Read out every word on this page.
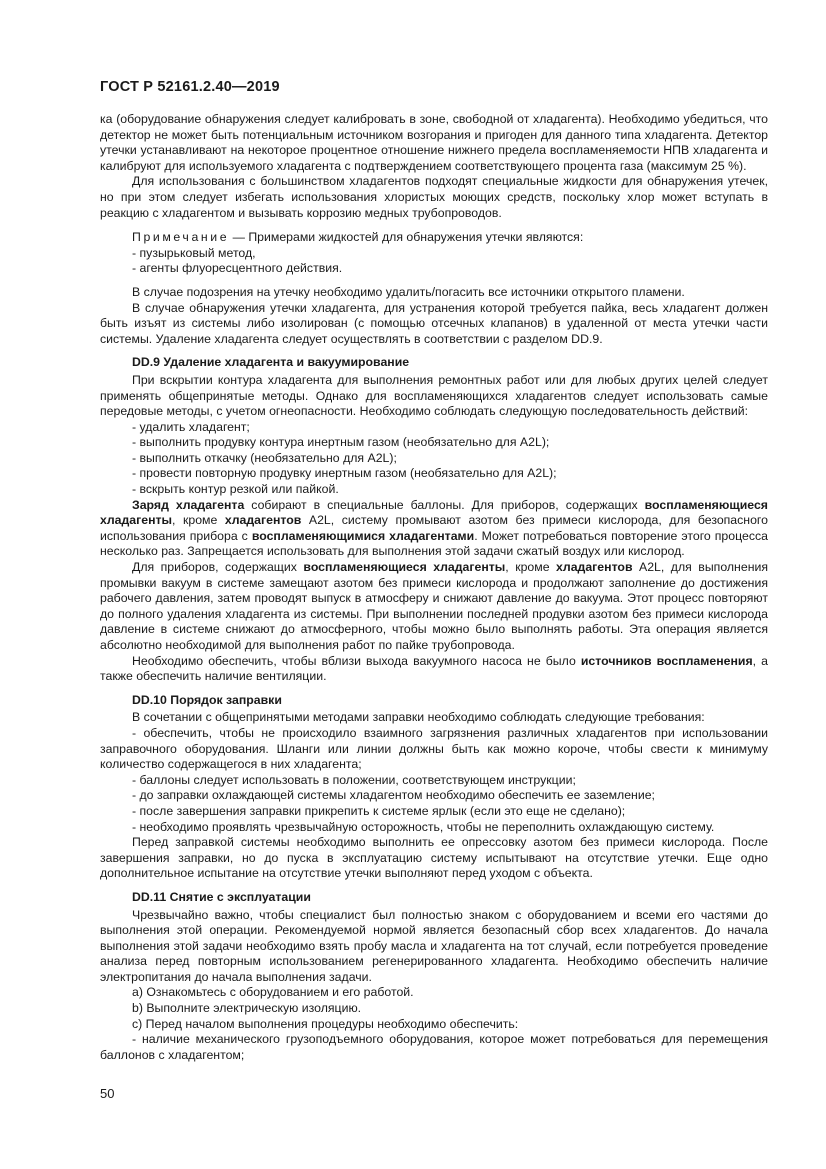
ГОСТ Р 52161.2.40—2019

ка (оборудование обнаружения следует калибровать в зоне, свободной от хладагента). Необходимо убедиться, что детектор не может быть потенциальным источником возгорания и пригоден для данного типа хладагента. Детектор утечки устанавливают на некоторое процентное отношение нижнего предела воспламеняемости НПВ хладагента и калибруют для используемого хладагента с подтверждением соответствующего процента газа (максимум 25 %).

Для использования с большинством хладагентов подходят специальные жидкости для обнаружения утечек, но при этом следует избегать использования хлористых моющих средств, поскольку хлор может вступать в реакцию с хладагентом и вызывать коррозию медных трубопроводов.

Примечание — Примерами жидкостей для обнаружения утечки являются:

- пузырьковый метод,

- агенты флуоресцентного действия.

В случае подозрения на утечку необходимо удалить/погасить все источники открытого пламени.

В случае обнаружения утечки хладагента, для устранения которой требуется пайка, весь хладагент должен быть изъят из системы либо изолирован (с помощью отсечных клапанов) в удаленной от места утечки части системы. Удаление хладагента следует осуществлять в соответствии с разделом DD.9.

DD.9 Удаление хладагента и вакуумирование

При вскрытии контура хладагента для выполнения ремонтных работ или для любых других целей следует применять общепринятые методы. Однако для воспламеняющихся хладагентов следует использовать самые передовые методы, с учетом огнеопасности. Необходимо соблюдать следующую последовательность действий:

- удалить хладагент;

- выполнить продувку контура инертным газом (необязательно для A2L);

- выполнить откачку (необязательно для A2L);

- провести повторную продувку инертным газом (необязательно для A2L);

- вскрыть контур резкой или пайкой.

Заряд хладагента собирают в специальные баллоны. Для приборов, содержащих воспламеняющиеся хладагенты, кроме хладагентов A2L, систему промывают азотом без примеси кислорода, для безопасного использования прибора с воспламеняющимися хладагентами. Может потребоваться повторение этого процесса несколько раз. Запрещается использовать для выполнения этой задачи сжатый воздух или кислород.

Для приборов, содержащих воспламеняющиеся хладагенты, кроме хладагентов A2L, для выполнения промывки вакуум в системе замещают азотом без примеси кислорода и продолжают заполнение до достижения рабочего давления, затем проводят выпуск в атмосферу и снижают давление до вакуума. Этот процесс повторяют до полного удаления хладагента из системы. При выполнении последней продувки азотом без примеси кислорода давление в системе снижают до атмосферного, чтобы можно было выполнять работы. Эта операция является абсолютно необходимой для выполнения работ по пайке трубопровода.

Необходимо обеспечить, чтобы вблизи выхода вакуумного насоса не было источников воспламенения, а также обеспечить наличие вентиляции.

DD.10 Порядок заправки

В сочетании с общепринятыми методами заправки необходимо соблюдать следующие требования:

- обеспечить, чтобы не происходило взаимного загрязнения различных хладагентов при использовании заправочного оборудования. Шланги или линии должны быть как можно короче, чтобы свести к минимуму количество содержащегося в них хладагента;

- баллоны следует использовать в положении, соответствующем инструкции;

- до заправки охлаждающей системы хладагентом необходимо обеспечить ее заземление;

- после завершения заправки прикрепить к системе ярлык (если это еще не сделано);

- необходимо проявлять чрезвычайную осторожность, чтобы не переполнить охлаждающую систему.

Перед заправкой системы необходимо выполнить ее опрессовку азотом без примеси кислорода. После завершения заправки, но до пуска в эксплуатацию систему испытывают на отсутствие утечки. Еще одно дополнительное испытание на отсутствие утечки выполняют перед уходом с объекта.

DD.11 Снятие с эксплуатации

Чрезвычайно важно, чтобы специалист был полностью знаком с оборудованием и всеми его частями до выполнения этой операции. Рекомендуемой нормой является безопасный сбор всех хладагентов. До начала выполнения этой задачи необходимо взять пробу масла и хладагента на тот случай, если потребуется проведение анализа перед повторным использованием регенерированного хладагента. Необходимо обеспечить наличие электропитания до начала выполнения задачи.

a) Ознакомьтесь с оборудованием и его работой.

b) Выполните электрическую изоляцию.

c) Перед началом выполнения процедуры необходимо обеспечить:

- наличие механического грузоподъемного оборудования, которое может потребоваться для перемещения баллонов с хладагентом;

50
